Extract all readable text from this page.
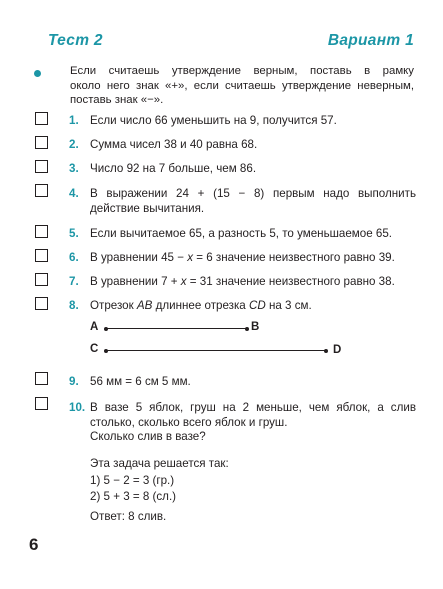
Тест 2	Вариант 1
Если считаешь утверждение верным, поставь в рамку
около него знак «+», если считаешь утверждение неверным,
поставь знак «−».
1. Если число 66 уменьшить на 9, получится 57.
2. Сумма чисел 38 и 40 равна 68.
3. Число 92 на 7 больше, чем 86.
4. В выражении 24 + (15 − 8) первым надо выполнить
действие вычитания.
5. Если вычитаемое 65, а разность 5, то уменьшаемое 65.
6. В уравнении 45 − x = 6 значение неизвестного равно 39.
7. В уравнении 7 + x = 31 значение неизвестного равно 38.
8. Отрезок AB длиннее отрезка CD на 3 см.
A	B
C	D
9. 56 мм = 6 см 5 мм.
10. В вазе 5 яблок, груш на 2 меньше, чем яблок, а слив
столько, сколько всего яблок и груш.
Сколько слив в вазе?
Эта задача решается так:
1) 5 − 2 = 3 (гр.)
2) 5 + 3 = 8 (сл.)
Ответ: 8 слив.
6
